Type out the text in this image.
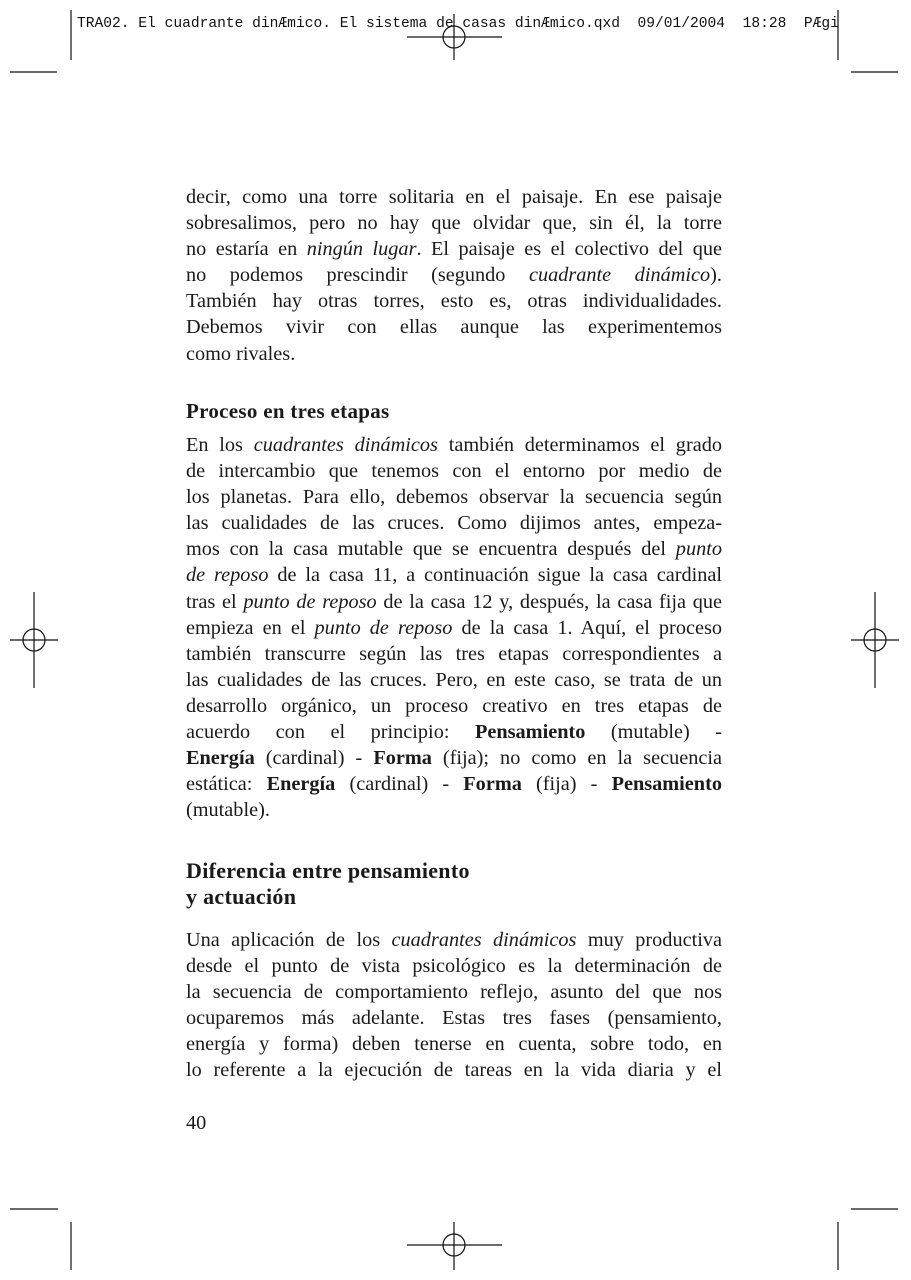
TRA02. El cuadrante dinÆmico. El sistema de casas dinÆmico.qxd  09/01/2004  18:28  PÆgi
decir, como una torre solitaria en el paisaje. En ese paisaje
sobresalimos, pero no hay que olvidar que, sin él, la torre
no estaría en ningún lugar. El paisaje es el colectivo del que
no podemos prescindir (segundo cuadrante dinámico).
También hay otras torres, esto es, otras individualidades.
Debemos vivir con ellas aunque las experimentemos
como rivales.
Proceso en tres etapas
En los cuadrantes dinámicos también determinamos el grado
de intercambio que tenemos con el entorno por medio de
los planetas. Para ello, debemos observar la secuencia según
las cualidades de las cruces. Como dijimos antes, empeza-
mos con la casa mutable que se encuentra después del punto
de reposo de la casa 11, a continuación sigue la casa cardinal
tras el punto de reposo de la casa 12 y, después, la casa fija que
empieza en el punto de reposo de la casa 1. Aquí, el proceso
también transcurre según las tres etapas correspondientes a
las cualidades de las cruces. Pero, en este caso, se trata de un
desarrollo orgánico, un proceso creativo en tres etapas de
acuerdo con el principio: Pensamiento (mutable) -
Energía (cardinal) - Forma (fija); no como en la secuencia
estática: Energía (cardinal) - Forma (fija) - Pensamiento
(mutable).
Diferencia entre pensamiento
y actuación
Una aplicación de los cuadrantes dinámicos muy productiva
desde el punto de vista psicológico es la determinación de
la secuencia de comportamiento reflejo, asunto del que nos
ocuparemos más adelante. Estas tres fases (pensamiento,
energía y forma) deben tenerse en cuenta, sobre todo, en
lo referente a la ejecución de tareas en la vida diaria y el
40
